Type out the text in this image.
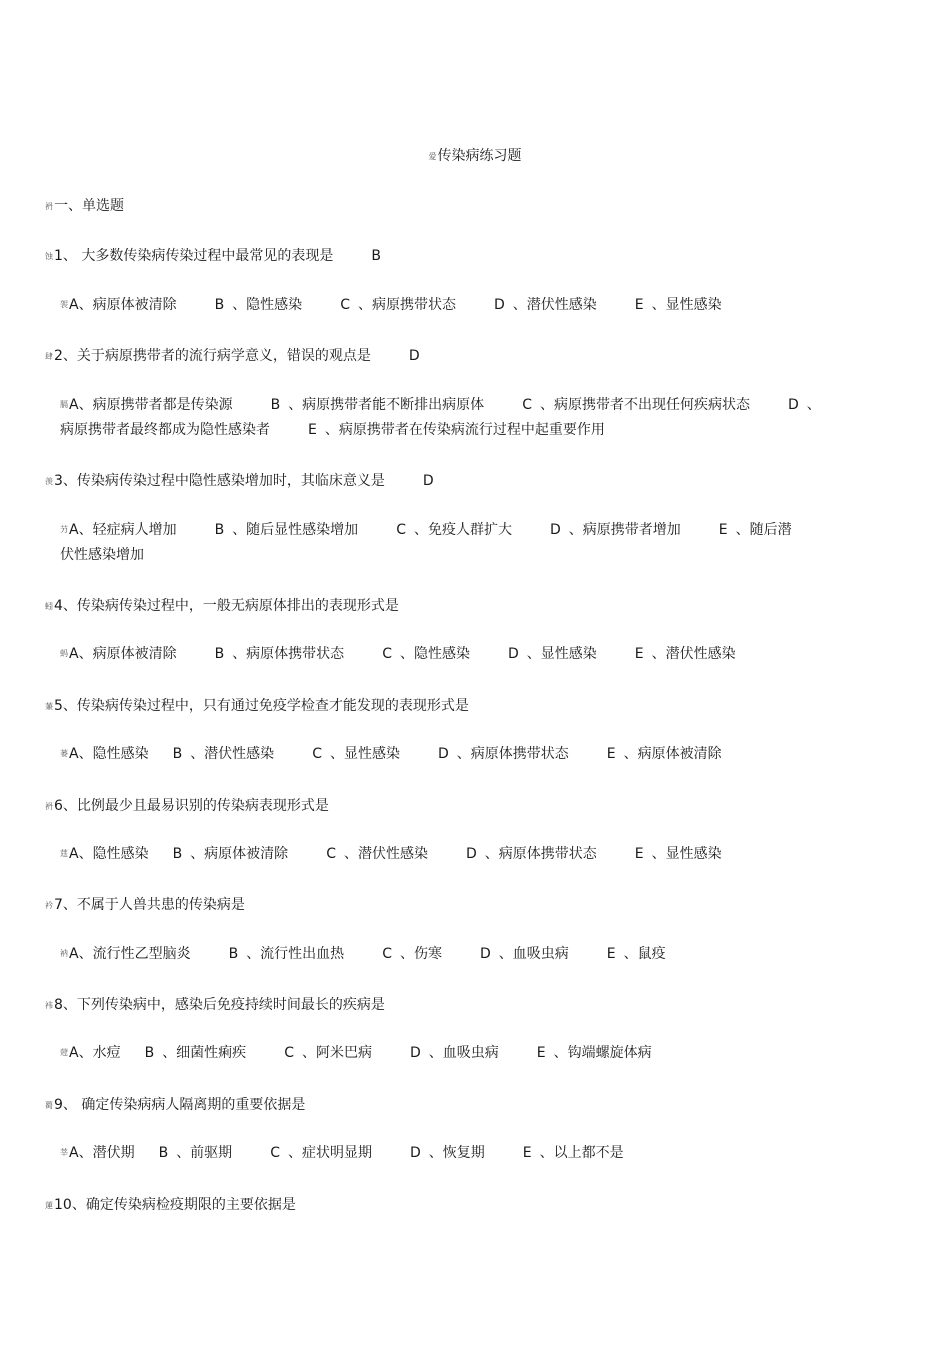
爱传染病练习题
袇一、单选题
蚀1、 大多数传染病传染过程中最常见的表现是	B
袈A、病原体被清除	B 、隐性感染	C 、病原携带状态	D 、潜伏性感染	E 、显性感染
肆2、关于病原携带者的流行病学意义，错误的观点是	D
膈A、病原携带者都是传染源	B 、病原携带者能不断排出病原体	C 、病原携带者不出现任何疾病状态	D 、
病原携带者最终都成为隐性感染者	E 、病原携带者在传染病流行过程中起重要作用
羡3、传染病传染过程中隐性感染增加时，其临床意义是	D
芀A、轻症病人增加	B 、随后显性感染增加	C 、免疫人群扩大	D 、病原携带者增加	E 、随后潜
伏性感染增加
蚓4、传染病传染过程中，一般无病原体排出的表现形式是
蚂A、病原体被清除	B 、病原体携带状态	C 、隐性感染	D 、显性感染	E 、潜伏性感染
蒹5、传染病传染过程中，只有通过免疫学检查才能发现的表现形式是
蒌A、隐性感染 B 、潜伏性感染	C 、显性感染	D 、病原体携带状态	E 、病原体被清除
袇6、比例最少且最易识别的传染病表现形式是
莛A、隐性感染 B 、病原体被清除	C 、潜伏性感染	D 、病原体携带状态	E 、显性感染
衿7、不属于人兽共患的传染病是
衲A、流行性乙型脑炎	B 、流行性出血热	C 、伤寒	D 、血吸虫病	E 、鼠疫
袆8、下列传染病中，感染后免疫持续时间最长的疾病是
蒄A、水痘 B 、细菌性痢疾	C 、阿米巴病	D 、血吸虫病	E 、钩端螺旋体病
薥9、 确定传染病病人隔离期的重要依据是
莘A、潜伏期 B 、前驱期	C 、症状明显期	D 、恢复期	E 、以上都不是
蓮10、确定传染病检疫期限的主要依据是
